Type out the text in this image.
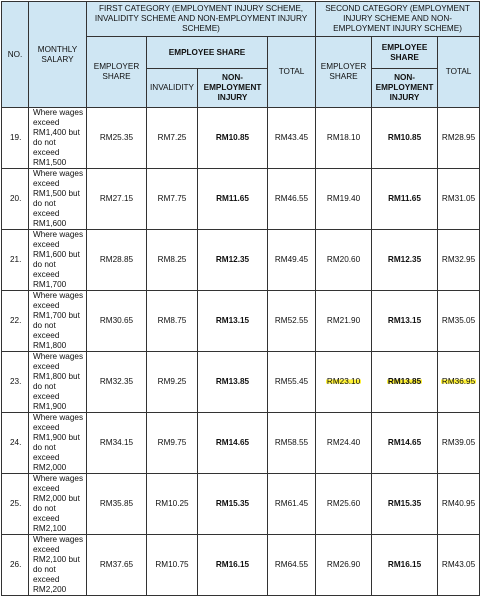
NO.	MONTHLY SALARY	FIRST CATEGORY (EMPLOYMENT INJURY SCHEME, INVALIDITY SCHEME AND NON-EMPLOYMENT INJURY SCHEME)				SECOND CATEGORY (EMPLOYMENT INJURY SCHEME AND NON-EMPLOYMENT INJURY SCHEME)		
		EMPLOYER SHARE	EMPLOYEE SHARE		TOTAL	EMPLOYER SHARE	EMPLOYEE SHARE	TOTAL
			INVALIDITY	NON-EMPLOYMENT INJURY			NON-EMPLOYMENT INJURY	
19.	Where wages exceed RM1,400 but do not exceed RM1,500	RM25.35	RM7.25	RM10.85	RM43.45	RM18.10	RM10.85	RM28.95
20.	Where wages exceed RM1,500 but do not exceed RM1,600	RM27.15	RM7.75	RM11.65	RM46.55	RM19.40	RM11.65	RM31.05
21.	Where wages exceed RM1,600 but do not exceed RM1,700	RM28.85	RM8.25	RM12.35	RM49.45	RM20.60	RM12.35	RM32.95
22.	Where wages exceed RM1,700 but do not exceed RM1,800	RM30.65	RM8.75	RM13.15	RM52.55	RM21.90	RM13.15	RM35.05
23.	Where wages exceed RM1,800 but do not exceed RM1,900	RM32.35	RM9.25	RM13.85	RM55.45	RM23.10	RM13.85	RM36.95
24.	Where wages exceed RM1,900 but do not exceed RM2,000	RM34.15	RM9.75	RM14.65	RM58.55	RM24.40	RM14.65	RM39.05
25.	Where wages exceed RM2,000 but do not exceed RM2,100	RM35.85	RM10.25	RM15.35	RM61.45	RM25.60	RM15.35	RM40.95
26.	Where wages exceed RM2,100 but do not exceed RM2,200	RM37.65	RM10.75	RM16.15	RM64.55	RM26.90	RM16.15	RM43.05
